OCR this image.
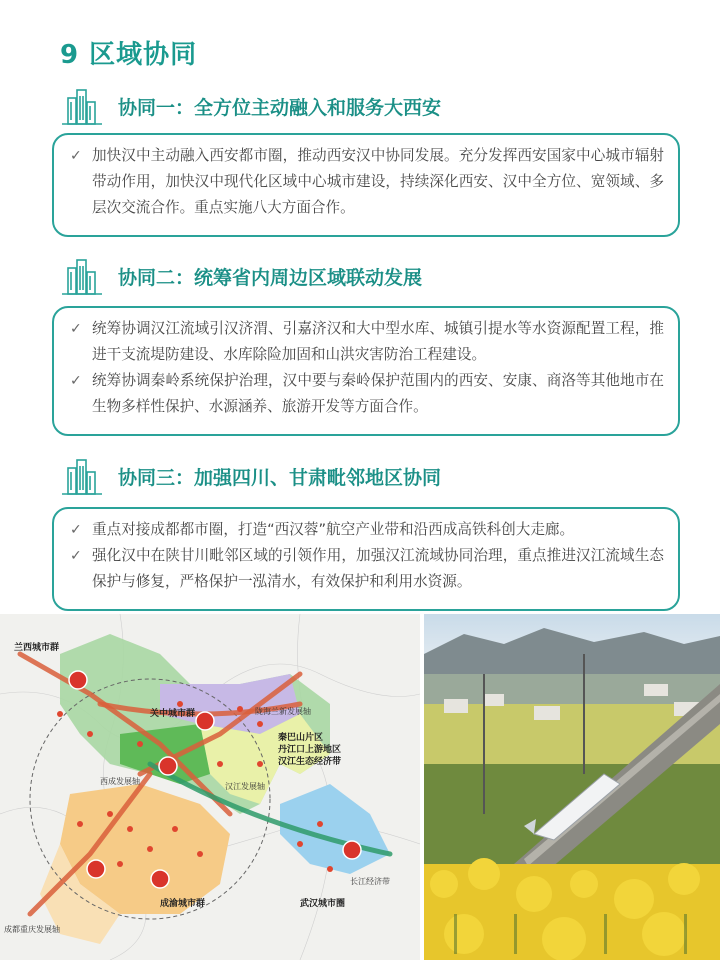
9 区域协同
协同一：全方位主动融入和服务大西安
✓ 加快汉中主动融入西安都市圈，推动西安汉中协同发展。充分发挥西安国家中心城市辐射带动作用，加快汉中现代化区域中心城市建设，持续深化西安、汉中全方位、宽领域、多层次交流合作。重点实施八大方面合作。
协同二：统筹省内周边区域联动发展
✓ 统筹协调汉江流域引汉济渭、引嘉济汉和大中型水库、城镇引提水等水资源配置工程，推进干支流堤防建设、水库除险加固和山洪灾害防治工程建设。
✓ 统筹协调秦岭系统保护治理，汉中要与秦岭保护范围内的西安、安康、商洛等其他地市在生物多样性保护、水源涵养、旅游开发等方面合作。
协同三：加强四川、甘肃毗邻地区协同
✓ 重点对接成都都市圈，打造“西汉蓉”航空产业带和沿西成高铁科创大走廊。
✓ 强化汉中在陕甘川毗邻区域的引领作用，加强汉江流域协同治理，重点推进汉江流域生态保护与修复，严格保护一泓清水，有效保护和利用水资源。
兰西城市群
关中城市群	陇海兰新发展轴
秦巴山片区
丹江口上游地区
汉江生态经济带
汉江发展轴
西成发展轴
成渝城市群	武汉城市圈
长江经济带
成都重庆发展轴
